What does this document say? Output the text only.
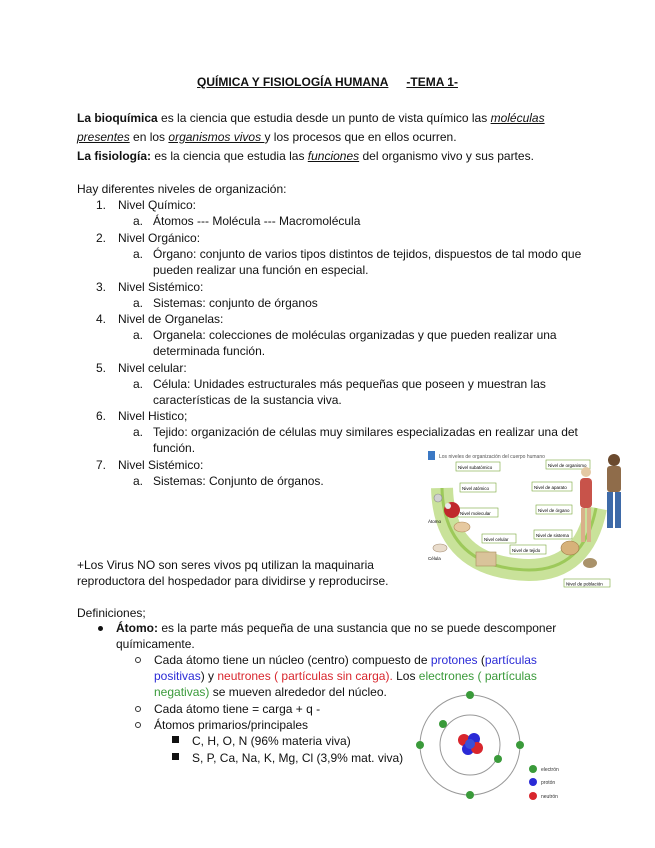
QUÍMICA Y FISIOLOGÍA HUMANA -TEMA 1-
La bioquímica es la ciencia que estudia desde un punto de vista químico las moléculas
presentes en los organismos vivos y los procesos que en ellos ocurren.
La fisiología: es la ciencia que estudia las funciones del organismo vivo y sus partes.
Hay diferentes niveles de organización:
1. Nivel Químico:
a. Átomos --- Molécula --- Macromolécula
2. Nivel Orgánico:
a. Órgano: conjunto de varios tipos distintos de tejidos, dispuestos de tal modo que
pueden realizar una función en especial.
3. Nivel Sistémico:
a. Sistemas: conjunto de órganos
4. Nivel de Organelas:
a. Organela: colecciones de moléculas organizadas y que pueden realizar una
determinada función.
5. Nivel celular:
a. Célula: Unidades estructurales más pequeñas que poseen y muestran las
características de la sustancia viva.
6. Nivel Histico;
a. Tejido: organización de células muy similares especializadas en realizar una det
función.
7. Nivel Sistémico:
a. Sistemas: Conjunto de órganos.
Los niveles de organización del cuerpo humano
Nivel subatómico
Nivel atómico
Nivel molecular
Nivel celular
Nivel de tejido
Nivel de órgano
Nivel de aparato
Nivel de sistema
Nivel de organismo
Nivel de población
Átomo
Célula
+Los Virus NO son seres vivos pq utilizan la maquinaria
reproductora del hospedador para dividirse y reproducirse.
Definiciones;
Átomo: es la parte más pequeña de una sustancia que no se puede descomponer
químicamente.
Cada átomo tiene un núcleo (centro) compuesto de protones (partículas
positivas) y neutrones ( partículas sin carga). Los electrones ( partículas
negativas) se mueven alrededor del núcleo.
Cada átomo tiene = carga + q -
Átomos primarios/principales
C, H, O, N (96% materia viva)
S, P, Ca, Na, K, Mg, Cl (3,9% mat. viva)
electrón
protón
neutrón
